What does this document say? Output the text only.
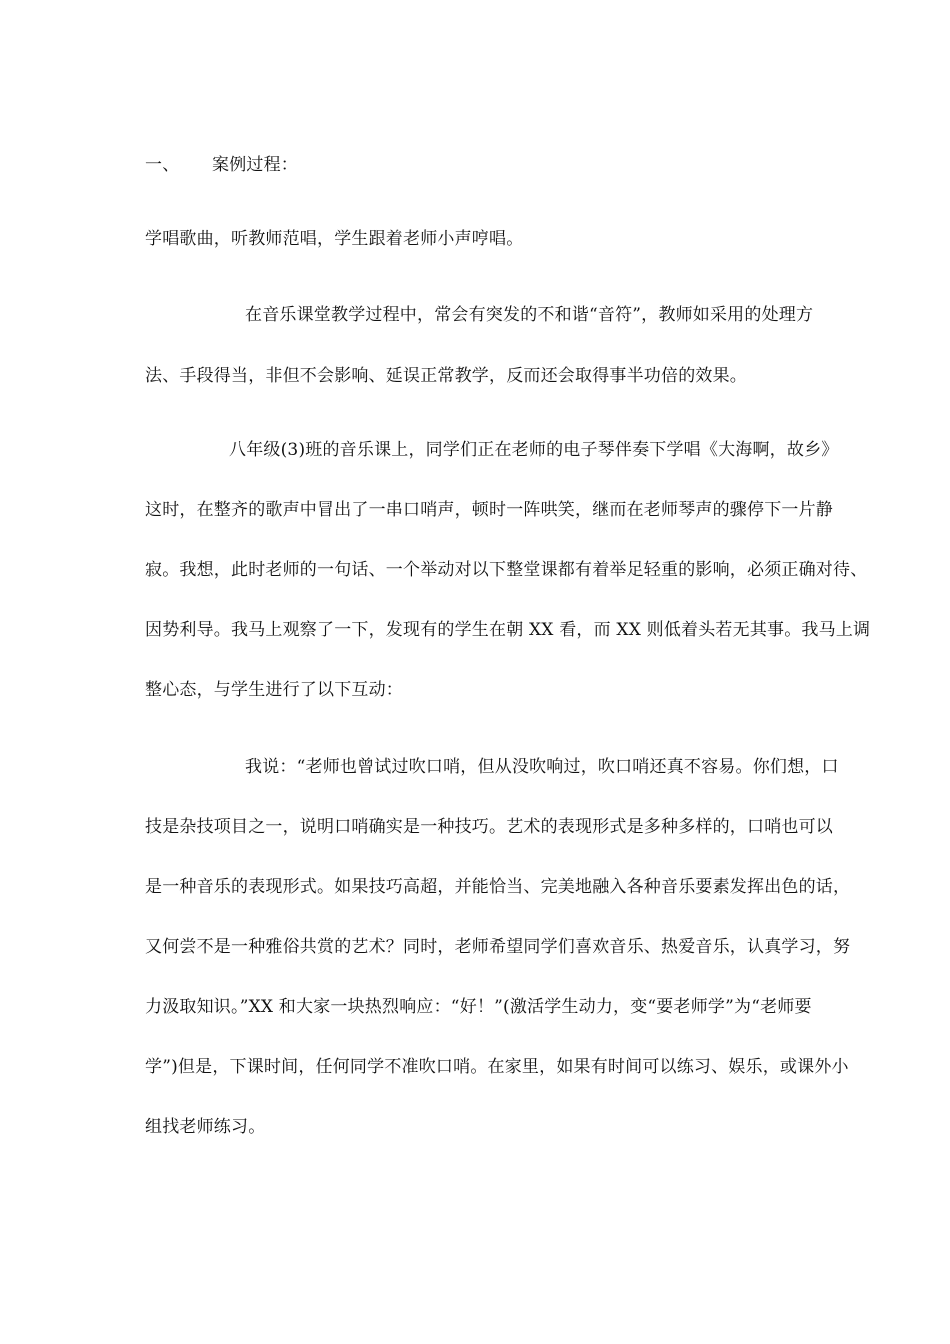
一、 案例过程：
学唱歌曲，听教师范唱，学生跟着老师小声哼唱。
在音乐课堂教学过程中，常会有突发的不和谐“音符”，教师如采用的处理方
法、手段得当，非但不会影响、延误正常教学，反而还会取得事半功倍的效果。
八年级(3)班的音乐课上，同学们正在老师的电子琴伴奏下学唱《大海啊，故乡》
这时，在整齐的歌声中冒出了一串口哨声，顿时一阵哄笑，继而在老师琴声的骤停下一片静
寂。我想，此时老师的一句话、一个举动对以下整堂课都有着举足轻重的影响，必须正确对待、
因势利导。我马上观察了一下，发现有的学生在朝 XX 看，而 XX 则低着头若无其事。我马上调
整心态，与学生进行了以下互动：
我说：“老师也曾试过吹口哨，但从没吹响过，吹口哨还真不容易。你们想，口
技是杂技项目之一，说明口哨确实是一种技巧。艺术的表现形式是多种多样的，口哨也可以
是一种音乐的表现形式。如果技巧高超，并能恰当、完美地融入各种音乐要素发挥出色的话，
又何尝不是一种雅俗共赏的艺术？同时，老师希望同学们喜欢音乐、热爱音乐，认真学习，努
力汲取知识。”XX 和大家一块热烈响应：“好！”(激活学生动力，变“要老师学”为“老师要
学”)但是，下课时间，任何同学不准吹口哨。在家里，如果有时间可以练习、娱乐，或课外小
组找老师练习。
